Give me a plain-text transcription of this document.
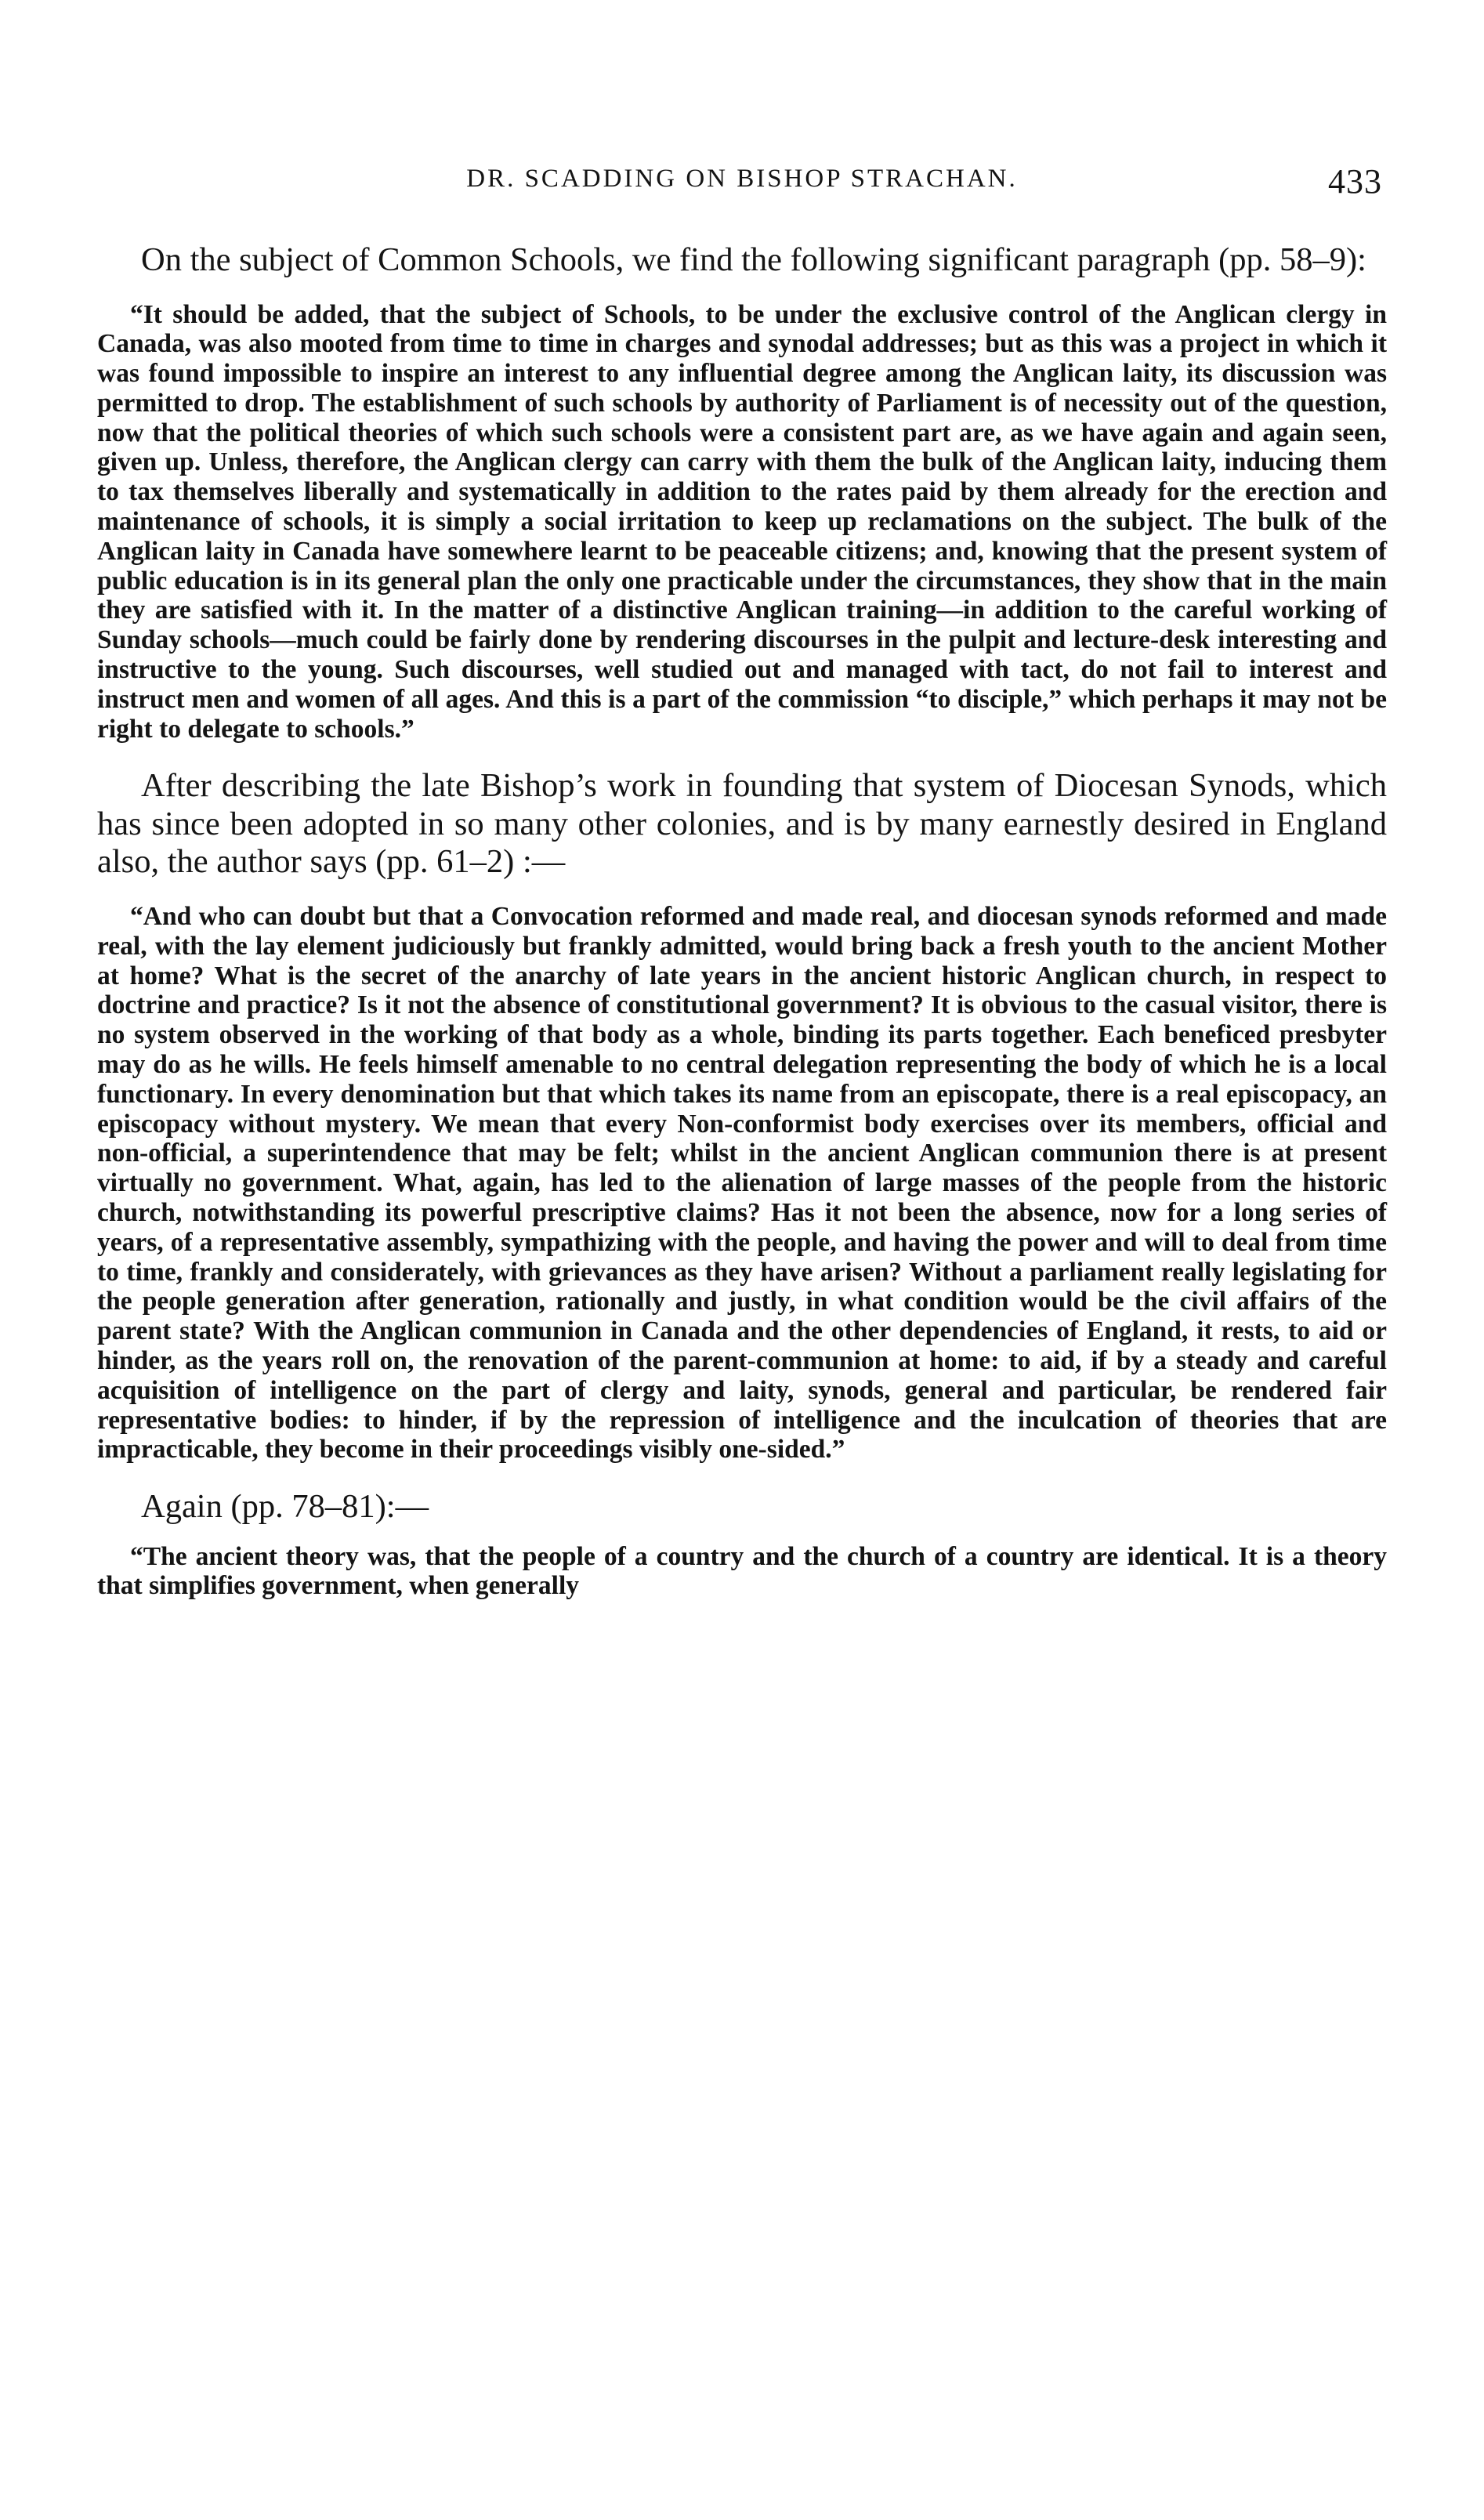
DR. SCADDING ON BISHOP STRACHAN.	433

On the subject of Common Schools, we find the following significant paragraph (pp. 58–9):

“It should be added, that the subject of Schools, to be under the exclusive control of the Anglican clergy in Canada, was also mooted from time to time in charges and synodal addresses; but as this was a project in which it was found impossible to inspire an interest to any influential degree among the Anglican laity, its discussion was permitted to drop. The establishment of such schools by authority of Parliament is of necessity out of the question, now that the political theories of which such schools were a consistent part are, as we have again and again seen, given up. Unless, therefore, the Anglican clergy can carry with them the bulk of the Anglican laity, inducing them to tax themselves liberally and systematically in addition to the rates paid by them already for the erection and maintenance of schools, it is simply a social irritation to keep up reclamations on the subject. The bulk of the Anglican laity in Canada have somewhere learnt to be peaceable citizens; and, knowing that the present system of public education is in its general plan the only one practicable under the circumstances, they show that in the main they are satisfied with it. In the matter of a distinctive Anglican training—in addition to the careful working of Sunday schools—much could be fairly done by rendering discourses in the pulpit and lecture-desk interesting and instructive to the young. Such discourses, well studied out and managed with tact, do not fail to interest and instruct men and women of all ages. And this is a part of the commission “to disciple,” which perhaps it may not be right to delegate to schools.”

After describing the late Bishop’s work in founding that system of Diocesan Synods, which has since been adopted in so many other colonies, and is by many earnestly desired in England also, the author says (pp. 61–2) :—

“And who can doubt but that a Convocation reformed and made real, and diocesan synods reformed and made real, with the lay element judiciously but frankly admitted, would bring back a fresh youth to the ancient Mother at home? What is the secret of the anarchy of late years in the ancient historic Anglican church, in respect to doctrine and practice? Is it not the absence of constitutional government? It is obvious to the casual visitor, there is no system observed in the working of that body as a whole, binding its parts together. Each beneficed presbyter may do as he wills. He feels himself amenable to no central delegation representing the body of which he is a local functionary. In every denomination but that which takes its name from an episcopate, there is a real episcopacy, an episcopacy without mystery. We mean that every Non-conformist body exercises over its members, official and non-official, a superintendence that may be felt; whilst in the ancient Anglican communion there is at present virtually no government. What, again, has led to the alienation of large masses of the people from the historic church, notwithstanding its powerful prescriptive claims? Has it not been the absence, now for a long series of years, of a representative assembly, sympathizing with the people, and having the power and will to deal from time to time, frankly and considerately, with grievances as they have arisen? Without a parliament really legislating for the people generation after generation, rationally and justly, in what condition would be the civil affairs of the parent state? With the Anglican communion in Canada and the other dependencies of England, it rests, to aid or hinder, as the years roll on, the renovation of the parent-communion at home: to aid, if by a steady and careful acquisition of intelligence on the part of clergy and laity, synods, general and particular, be rendered fair representative bodies: to hinder, if by the repression of intelligence and the inculcation of theories that are impracticable, they become in their proceedings visibly one-sided.”

Again (pp. 78–81):—

“The ancient theory was, that the people of a country and the church of a country are identical. It is a theory that simplifies government, when generally
